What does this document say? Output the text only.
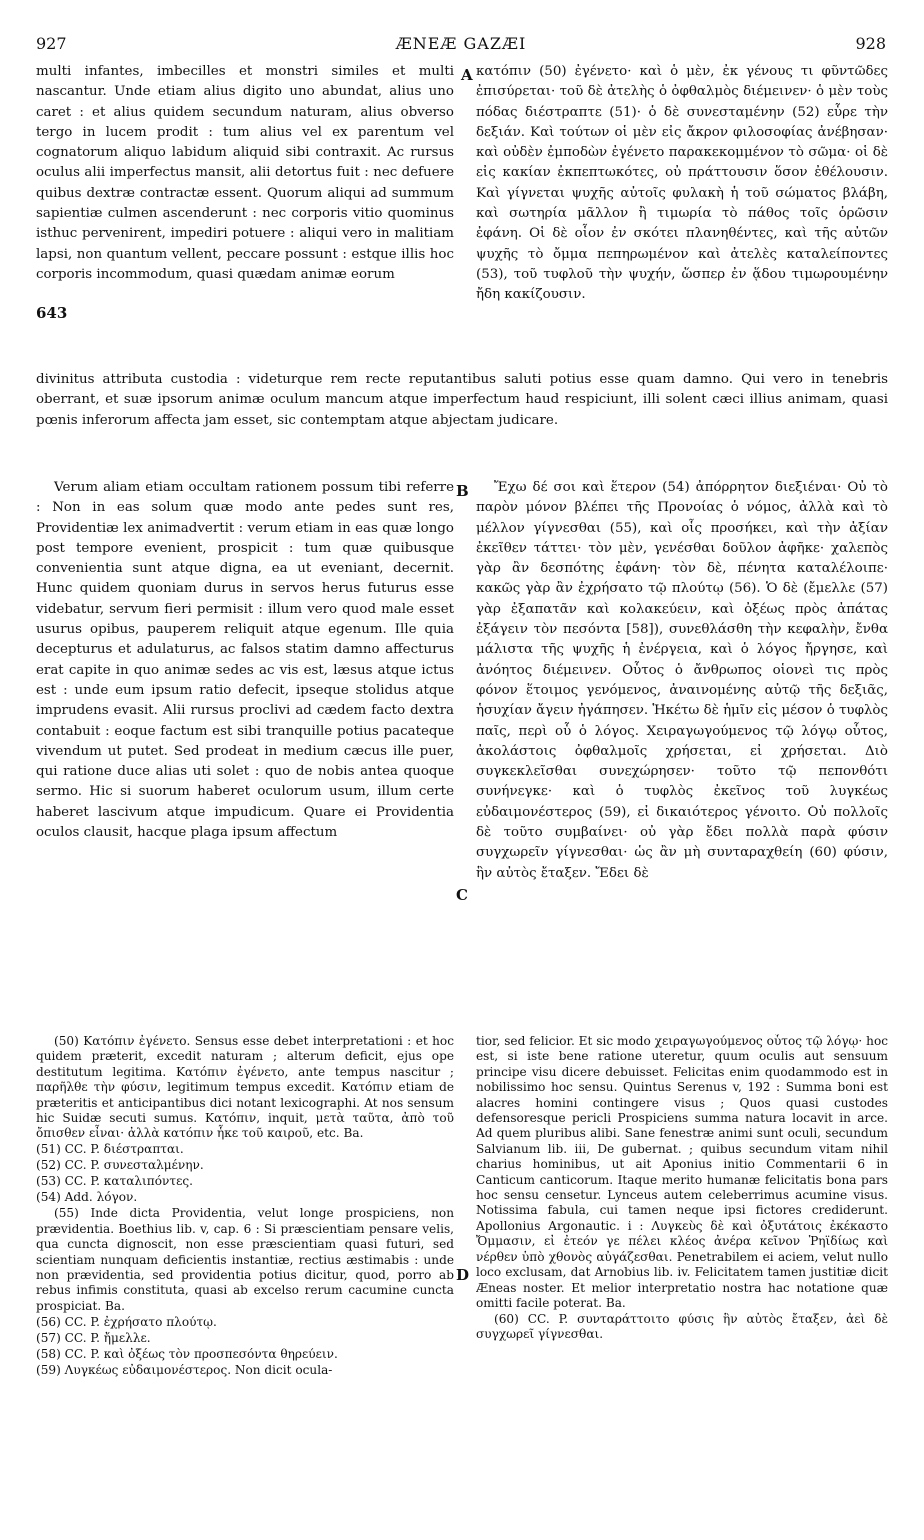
927	ÆNEÆ GAZÆI	928

multi infantes, imbecilles et monstri similes et multi nascantur. Unde etiam alius digito uno abundat, alius uno caret : et alius quidem secundum naturam, alius obverso tergo in lucem prodit : tum alius vel ex parentum vel cognatorum aliquo labidum aliquid sibi contraxit. Ac rursus oculus alii imperfectus mansit, alii detortus fuit : nec defuere quibus dextræ contractæ essent. Quorum aliqui ad summum sapientiæ culmen ascenderunt : nec corporis vitio quominus isthuc pervenirent, impediri potuere : aliqui vero in malitiam lapsi, non quantum vellent, peccare possunt : estque illis hoc corporis incommodum, quasi quædam animæ eorum

A
643

κατόπιν (50) ἐγένετο· καὶ ὁ μὲν, ἐκ γένους τι φῦντῶδες ἐπισύρεται· τοῦ δὲ ἀτελὴς ὁ ὀφθαλμὸς διέμεινεν· ὁ μὲν τοὺς πόδας διέστραπτε (51)· ὁ δὲ συνεσταμένην (52) εὗρε τὴν δεξιάν. Καὶ τούτων οἱ μὲν εἰς ἄκρον φιλοσοφίας ἀνέβησαν· καὶ οὐδὲν ἐμποδὼν ἐγένετο παρακεκομμένον τὸ σῶμα· οἱ δὲ εἰς κακίαν ἐκπεπτωκότες, οὐ πράττουσιν ὅσον ἐθέλουσιν. Καὶ γίγνεται ψυχῆς αὐτοῖς φυλακὴ ἡ τοῦ σώματος βλάβη, καὶ σωτηρία μᾶλλον ἢ τιμωρία τὸ πάθος τοῖς ὁρῶσιν ἐφάνη. Οἱ δὲ οἷον ἐν σκότει πλανηθέντες, καὶ τῆς αὐτῶν ψυχῆς τὸ ὄμμα πεπηρωμένον καὶ ἀτελὲς καταλείποντες (53), τοῦ τυφλοῦ τὴν ψυχήν, ὥσπερ ἐν ᾅδου τιμωρουμένην ἤδη κακίζουσιν.

divinitus attributa custodia : videturque rem recte reputantibus saluti potius esse quam damno. Qui vero in tenebris oberrant, et suæ ipsorum animæ oculum mancum atque imperfectum haud respiciunt, illi solent cæci illius animam, quasi pœnis inferorum affecta jam esset, sic contemptam atque abjectam judicare.

Verum aliam etiam occultam rationem possum tibi referre : Non in eas solum quæ modo ante pedes sunt res, Providentiæ lex animadvertit : verum etiam in eas quæ longo post tempore evenient, prospicit : tum quæ quibusque convenientia sunt atque digna, ea ut eveniant, decernit. Hunc quidem quoniam durus in servos herus futurus esse videbatur, servum fieri permisit : illum vero quod male esset usurus opibus, pauperem reliquit atque egenum. Ille quia decepturus et adulaturus, ac falsos statim damno affecturus erat capite in quo animæ sedes ac vis est, læsus atque ictus est : unde eum ipsum ratio defecit, ipseque stolidus atque imprudens evasit. Alii rursus proclivi ad cædem facto dextra contabuit : eoque factum est sibi tranquille potius pacateque vivendum ut putet. Sed prodeat in medium cæcus ille puer, qui ratione duce alias uti solet : quo de nobis antea quoque sermo. Hic si suorum haberet oculorum usum, illum certe haberet lascivum atque impudicum. Quare ei Providentia oculos clausit, hacque plaga ipsum affectum

B
C

Ἔχω δέ σοι καὶ ἕτερον (54) ἀπόρρητον διεξιέναι· Οὐ τὸ παρὸν μόνον βλέπει τῆς Προνοίας ὁ νόμος, ἀλλὰ καὶ τὸ μέλλον γίγνεσθαι (55), καὶ οἷς προσήκει, καὶ τὴν ἀξίαν ἐκεῖθεν τάττει· τὸν μὲν, γενέσθαι δοῦλον ἀφῆκε· χαλεπὸς γὰρ ἂν δεσπότης ἐφάνη· τὸν δὲ, πένητα καταλέλοιπε· κακῶς γὰρ ἂν ἐχρήσατο τῷ πλούτῳ (56). Ὁ δὲ (ἔμελλε (57) γὰρ ἐξαπατᾶν καὶ κολακεύειν, καὶ ὀξέως πρὸς ἀπάτας ἐξάγειν τὸν πεσόντα [58]), συνεθλάσθη τὴν κεφαλὴν, ἔνθα μάλιστα τῆς ψυχῆς ἡ ἐνέργεια, καὶ ὁ λόγος ἤργησε, καὶ ἀνόητος διέμεινεν. Οὗτος ὁ ἄνθρωπος οἱονεὶ τις πρὸς φόνον ἕτοιμος γενόμενος, ἀναινομένης αὐτῷ τῆς δεξιᾶς, ἡσυχίαν ἄγειν ἠγάπησεν. Ἡκέτω δὲ ἡμῖν εἰς μέσον ὁ τυφλὸς παῖς, περὶ οὗ ὁ λόγος. Χειραγωγούμενος τῷ λόγῳ οὗτος, ἀκολάστοις ὀφθαλμοῖς χρήσεται, εἰ χρήσεται. Διὸ συγκεκλεῖσθαι συνεχώρησεν· τοῦτο τῷ πεπονθότι συνήνεγκε· καὶ ὁ τυφλὸς ἐκεῖνος τοῦ λυγκέως εὐδαιμονέστερος (59), εἰ δικαιότερος γένοιτο. Οὐ πολλοῖς δὲ τοῦτο συμβαίνει· οὐ γὰρ ἔδει πολλὰ παρὰ φύσιν συγχωρεῖν γίγνεσθαι· ὡς ἂν μὴ συνταραχθείη (60) φύσιν, ἣν αὐτὸς ἔταξεν. Ἔδει δὲ

(50) Κατόπιν ἐγένετο. Sensus esse debet interpretationi : et hoc quidem præterit, excedit naturam ; alterum deficit, ejus ope destitutum legitima. Κατόπιν ἐγένετο, ante tempus nascitur ; παρῆλθε τὴν φύσιν, legitimum tempus excedit. Κατόπιν etiam de præteritis et anticipantibus dici notant lexicographi. At nos sensum hic Suidæ secuti sumus. Κατόπιν, inquit, μετὰ ταῦτα, ἀπὸ τοῦ ὄπισθεν εἶναι· ἀλλὰ κατόπιν ἧκε τοῦ καιροῦ, etc. Ba.

(51) CC. P. διέστραπται.

(52) CC. P. συνεσταλμένην.

(53) CC. P. καταλιπόντες.

(54) Add. λόγον.

(55) Inde dicta Providentia, velut longe prospiciens, non prævidentia. Boethius lib. v, cap. 6 : Si præscientiam pensare velis, qua cuncta dignoscit, non esse præscientiam quasi futuri, sed scientiam nunquam deficientis instantiæ, rectius æstimabis : unde non prævidentia, sed providentia potius dicitur, quod, porro ab rebus infimis constituta, quasi ab excelso rerum cacumine cuncta prospiciat. Ba.

(56) CC. P. ἐχρήσατο πλούτῳ.

(57) CC. P. ἤμελλε.

(58) CC. P. καὶ ὀξέως τὸν προσπεσόντα θηρεύειν.

(59) Λυγκέως εὐδαιμονέστερος. Non dicit ocula-

D

tior, sed felicior. Et sic modo χειραγωγούμενος οὗτος τῷ λόγῳ· hoc est, si iste bene ratione uteretur, quum oculis aut sensuum principe visu dicere debuisset. Felicitas enim quodammodo est in nobilissimo hoc sensu. Quintus Serenus v, 192 : Summa boni est alacres homini contingere visus ; Quos quasi custodes defensoresque pericli Prospiciens summa natura locavit in arce. Ad quem pluribus alibi. Sane fenestræ animi sunt oculi, secundum Salvianum lib. iii, De gubernat. ; quibus secundum vitam nihil charius hominibus, ut ait Aponius initio Commentarii 6 in Canticum canticorum. Itaque merito humanæ felicitatis bona pars hoc sensu censetur. Lynceus autem celeberrimus acumine visus. Notissima fabula, cui tamen neque ipsi fictores crediderunt. Apollonius Argonautic. i : Λυγκεὺς δὲ καὶ ὀξυτάτοις ἐκέκαστο Ὄμμασιν, εἰ ἐτεόν γε πέλει κλέος ἀνέρα κεῖνον Ῥηϊδίως καὶ νέρθεν ὑπὸ χθονὸς αὐγάζεσθαι. Penetrabilem ei aciem, velut nullo loco exclusam, dat Arnobius lib. iv. Felicitatem tamen justitiæ dicit Æneas noster. Et melior interpretatio nostra hac notatione quæ omitti facile poterat. Ba.

(60) CC. P. συνταράττοιτο φύσις ἣν αὐτὸς ἔταξεν, ἀεὶ δὲ συγχωρεῖ γίγνεσθαι.
